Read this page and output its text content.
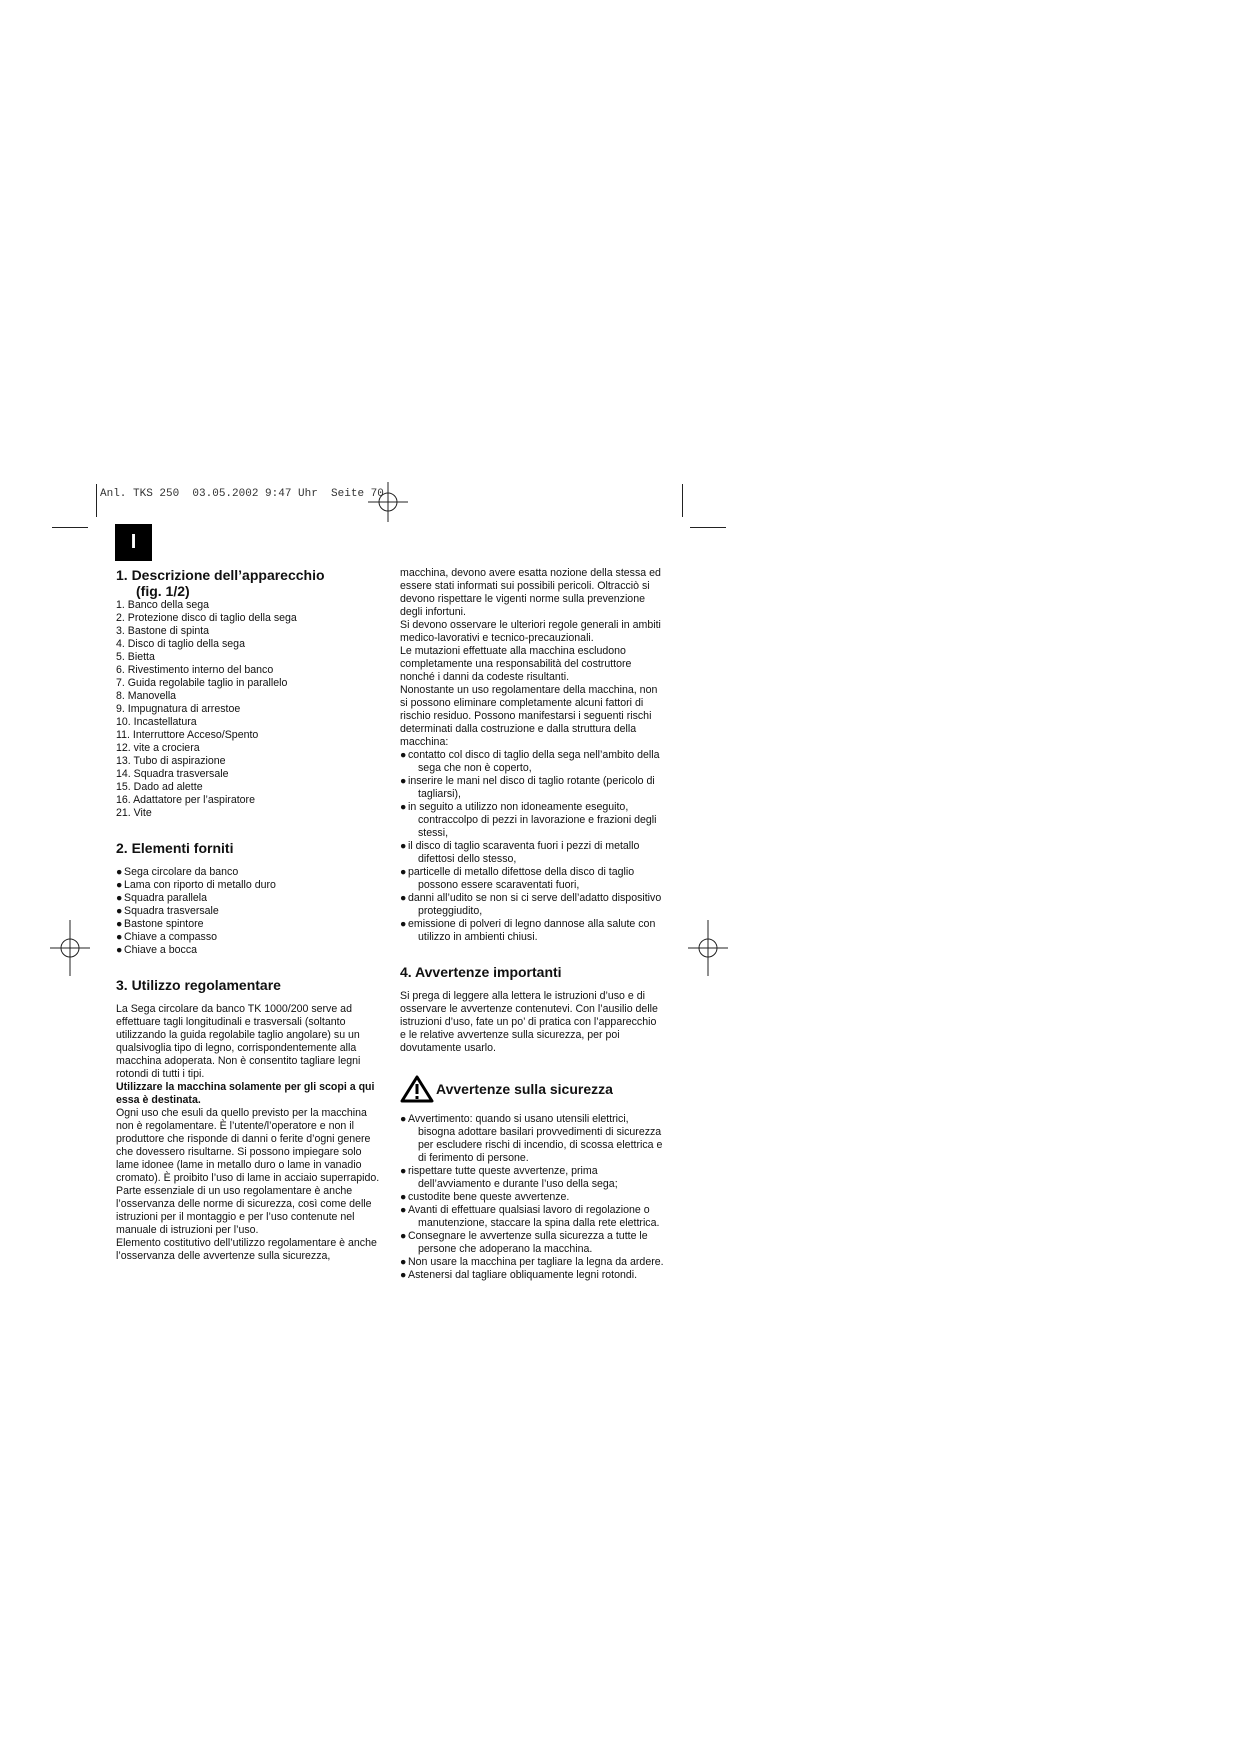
Anl. TKS 250  03.05.2002 9:47 Uhr  Seite 70
I
1. Descrizione dell’apparecchio
(fig. 1/2)
1. Banco della sega
2. Protezione disco di taglio della sega
3. Bastone di spinta
4. Disco di taglio della sega
5. Bietta
6. Rivestimento interno del banco
7. Guida regolabile taglio in parallelo
8. Manovella
9. Impugnatura di arrestoe
10. Incastellatura
11. Interruttore Acceso/Spento
12. vite a crociera
13. Tubo di aspirazione
14. Squadra trasversale
15. Dado ad alette
16. Adattatore per l’aspiratore
21. Vite
2. Elementi forniti
● Sega circolare da banco
● Lama con riporto di metallo duro
● Squadra parallela
● Squadra trasversale
● Bastone spintore
● Chiave a compasso
● Chiave a bocca
3. Utilizzo regolamentare

La Sega circolare da banco TK 1000/200 serve ad effettuare tagli longitudinali e trasversali (soltanto utilizzando la guida regolabile taglio angolare) su un qualsivoglia tipo di legno, corrispondentemente alla macchina adoperata. Non è consentito tagliare legni rotondi di tutti i tipi.

Utilizzare la macchina solamente per gli scopi a qui essa è destinata.

Ogni uso che esuli da quello previsto per la macchina non è regolamentare. È l’utente/l’operatore e non il produttore che risponde di danni o ferite d’ogni genere che dovessero risultarne. Si possono impiegare solo lame idonee (lame in metallo duro o lame in vanadio cromato). È proibito l’uso di lame in acciaio superrapido. Parte essenziale di un uso regolamentare è anche l’osservanza delle norme di sicurezza, così come delle istruzioni per il montaggio e per l’uso contenute nel manuale di istruzioni per l’uso.

Elemento costitutivo dell’utilizzo regolamentare è anche l’osservanza delle avvertenze sulla sicurezza,

macchina, devono avere esatta nozione della stessa ed essere stati informati sui possibili pericoli. Oltracciò si devono rispettare le vigenti norme sulla prevenzione degli infortuni.

Si devono osservare le ulteriori regole generali in ambiti medico-lavorativi e tecnico-precauzionali.

Le mutazioni effettuate alla macchina escludono completamente una responsabilità del costruttore nonché i danni da codeste risultanti.

Nonostante un uso regolamentare della macchina, non si possono eliminare completamente alcuni fattori di rischio residuo. Possono manifestarsi i seguenti rischi determinati dalla costruzione e dalla struttura della macchina:

● contatto col disco di taglio della sega nell’ambito della sega che non è coperto,
● inserire le mani nel disco di taglio rotante (pericolo di tagliarsi),
● in seguito a utilizzo non idoneamente eseguito, contraccolpo di pezzi in lavorazione e frazioni degli stessi,
● il disco di taglio scaraventa fuori i pezzi di metallo difettosi dello stesso,
● particelle di metallo difettose della disco di taglio possono essere scaraventati fuori,
● danni all’udito se non si ci serve dell’adatto dispositivo proteggiudito,
● emissione di polveri di legno dannose alla salute con utilizzo in ambienti chiusi.
4. Avvertenze importanti

Si prega di leggere alla lettera le istruzioni d’uso e di osservare le avvertenze contenutevi. Con l’ausilio delle istruzioni d’uso, fate un po’ di pratica con l’apparecchio e le relative avvertenze sulla sicurezza, per poi dovutamente usarlo.

Avvertenze sulla sicurezza
● Avvertimento: quando si usano utensili elettrici, bisogna adottare basilari provvedimenti di sicurezza per escludere rischi di incendio, di scossa elettrica e di ferimento di persone.
● rispettare tutte queste avvertenze, prima dell’avviamento e durante l’uso della sega;
● custodite bene queste avvertenze.
● Avanti di effettuare qualsiasi lavoro di regolazione o manutenzione, staccare la spina dalla rete elettrica.
● Consegnare le avvertenze sulla sicurezza a tutte le persone che adoperano la macchina.
● Non usare la macchina per tagliare la legna da ardere.
● Astenersi dal tagliare obliquamente legni rotondi.
